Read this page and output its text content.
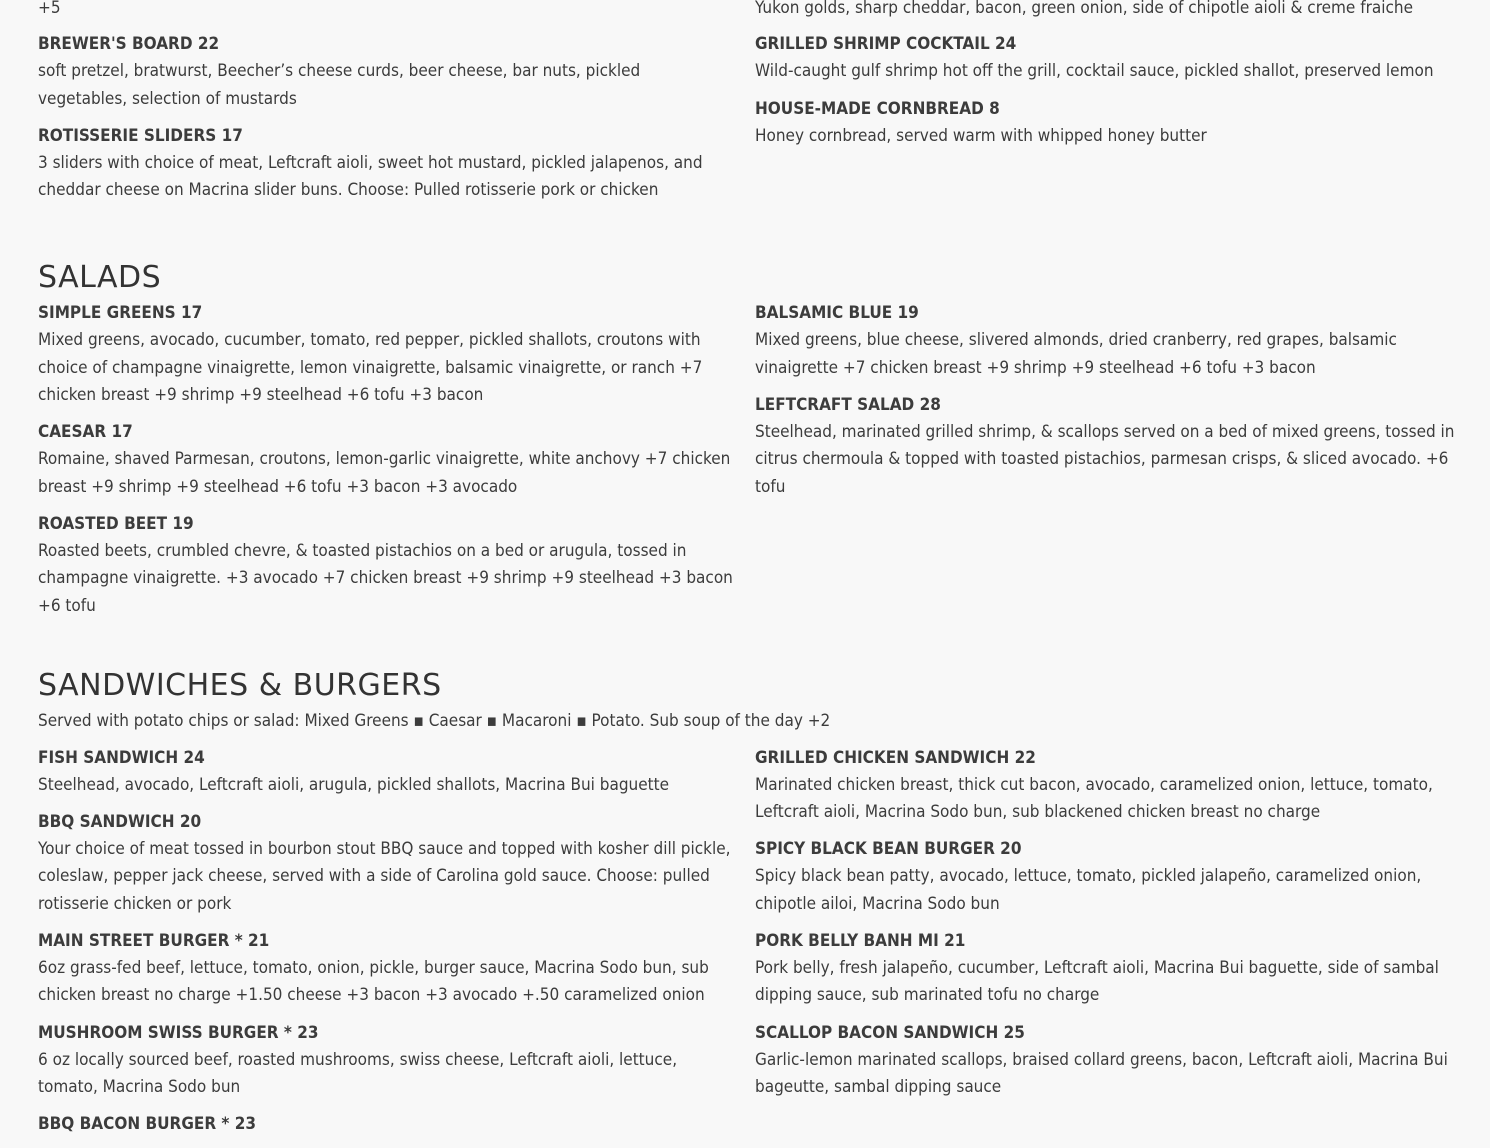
+5
BREWER'S BOARD 22
soft pretzel, bratwurst, Beecher’s cheese curds, beer cheese, bar nuts, pickled vegetables, selection of mustards
ROTISSERIE SLIDERS 17
3 sliders with choice of meat, Leftcraft aioli, sweet hot mustard, pickled jalapenos, and cheddar cheese on Macrina slider buns. Choose: Pulled rotisserie pork or chicken
Yukon golds, sharp cheddar, bacon, green onion, side of chipotle aioli & creme fraiche
GRILLED SHRIMP COCKTAIL 24
Wild-caught gulf shrimp hot off the grill, cocktail sauce, pickled shallot, preserved lemon
HOUSE-MADE CORNBREAD 8
Honey cornbread, served warm with whipped honey butter
SALADS
SIMPLE GREENS 17
Mixed greens, avocado, cucumber, tomato, red pepper, pickled shallots, croutons with choice of champagne vinaigrette, lemon vinaigrette, balsamic vinaigrette, or ranch +7 chicken breast +9 shrimp +9 steelhead +6 tofu +3 bacon
CAESAR 17
Romaine, shaved Parmesan, croutons, lemon-garlic vinaigrette, white anchovy +7 chicken breast +9 shrimp +9 steelhead +6 tofu +3 bacon +3 avocado
ROASTED BEET 19
Roasted beets, crumbled chevre, & toasted pistachios on a bed or arugula, tossed in champagne vinaigrette. +3 avocado +7 chicken breast +9 shrimp +9 steelhead +3 bacon +6 tofu
BALSAMIC BLUE 19
Mixed greens, blue cheese, slivered almonds, dried cranberry, red grapes, balsamic vinaigrette +7 chicken breast +9 shrimp +9 steelhead +6 tofu +3 bacon
LEFTCRAFT SALAD 28
Steelhead, marinated grilled shrimp, & scallops served on a bed of mixed greens, tossed in citrus chermoula & topped with toasted pistachios, parmesan crisps, & sliced avocado. +6 tofu
SANDWICHES & BURGERS
Served with potato chips or salad: Mixed Greens ▪ Caesar ▪ Macaroni ▪ Potato. Sub soup of the day +2
FISH SANDWICH 24
Steelhead, avocado, Leftcraft aioli, arugula, pickled shallots, Macrina Bui baguette
BBQ SANDWICH 20
Your choice of meat tossed in bourbon stout BBQ sauce and topped with kosher dill pickle, coleslaw, pepper jack cheese, served with a side of Carolina gold sauce. Choose: pulled rotisserie chicken or pork
MAIN STREET BURGER * 21
6oz grass-fed beef, lettuce, tomato, onion, pickle, burger sauce, Macrina Sodo bun, sub chicken breast no charge +1.50 cheese +3 bacon +3 avocado +.50 caramelized onion
MUSHROOM SWISS BURGER * 23
6 oz locally sourced beef, roasted mushrooms, swiss cheese, Leftcraft aioli, lettuce, tomato, Macrina Sodo bun
BBQ BACON BURGER * 23
GRILLED CHICKEN SANDWICH 22
Marinated chicken breast, thick cut bacon, avocado, caramelized onion, lettuce, tomato, Leftcraft aioli, Macrina Sodo bun, sub blackened chicken breast no charge
SPICY BLACK BEAN BURGER 20
Spicy black bean patty, avocado, lettuce, tomato, pickled jalapeño, caramelized onion, chipotle ailoi, Macrina Sodo bun
PORK BELLY BANH MI 21
Pork belly, fresh jalapeño, cucumber, Leftcraft aioli, Macrina Bui baguette, side of sambal dipping sauce, sub marinated tofu no charge
SCALLOP BACON SANDWICH 25
Garlic-lemon marinated scallops, braised collard greens, bacon, Leftcraft aioli, Macrina Bui bageutte, sambal dipping sauce
